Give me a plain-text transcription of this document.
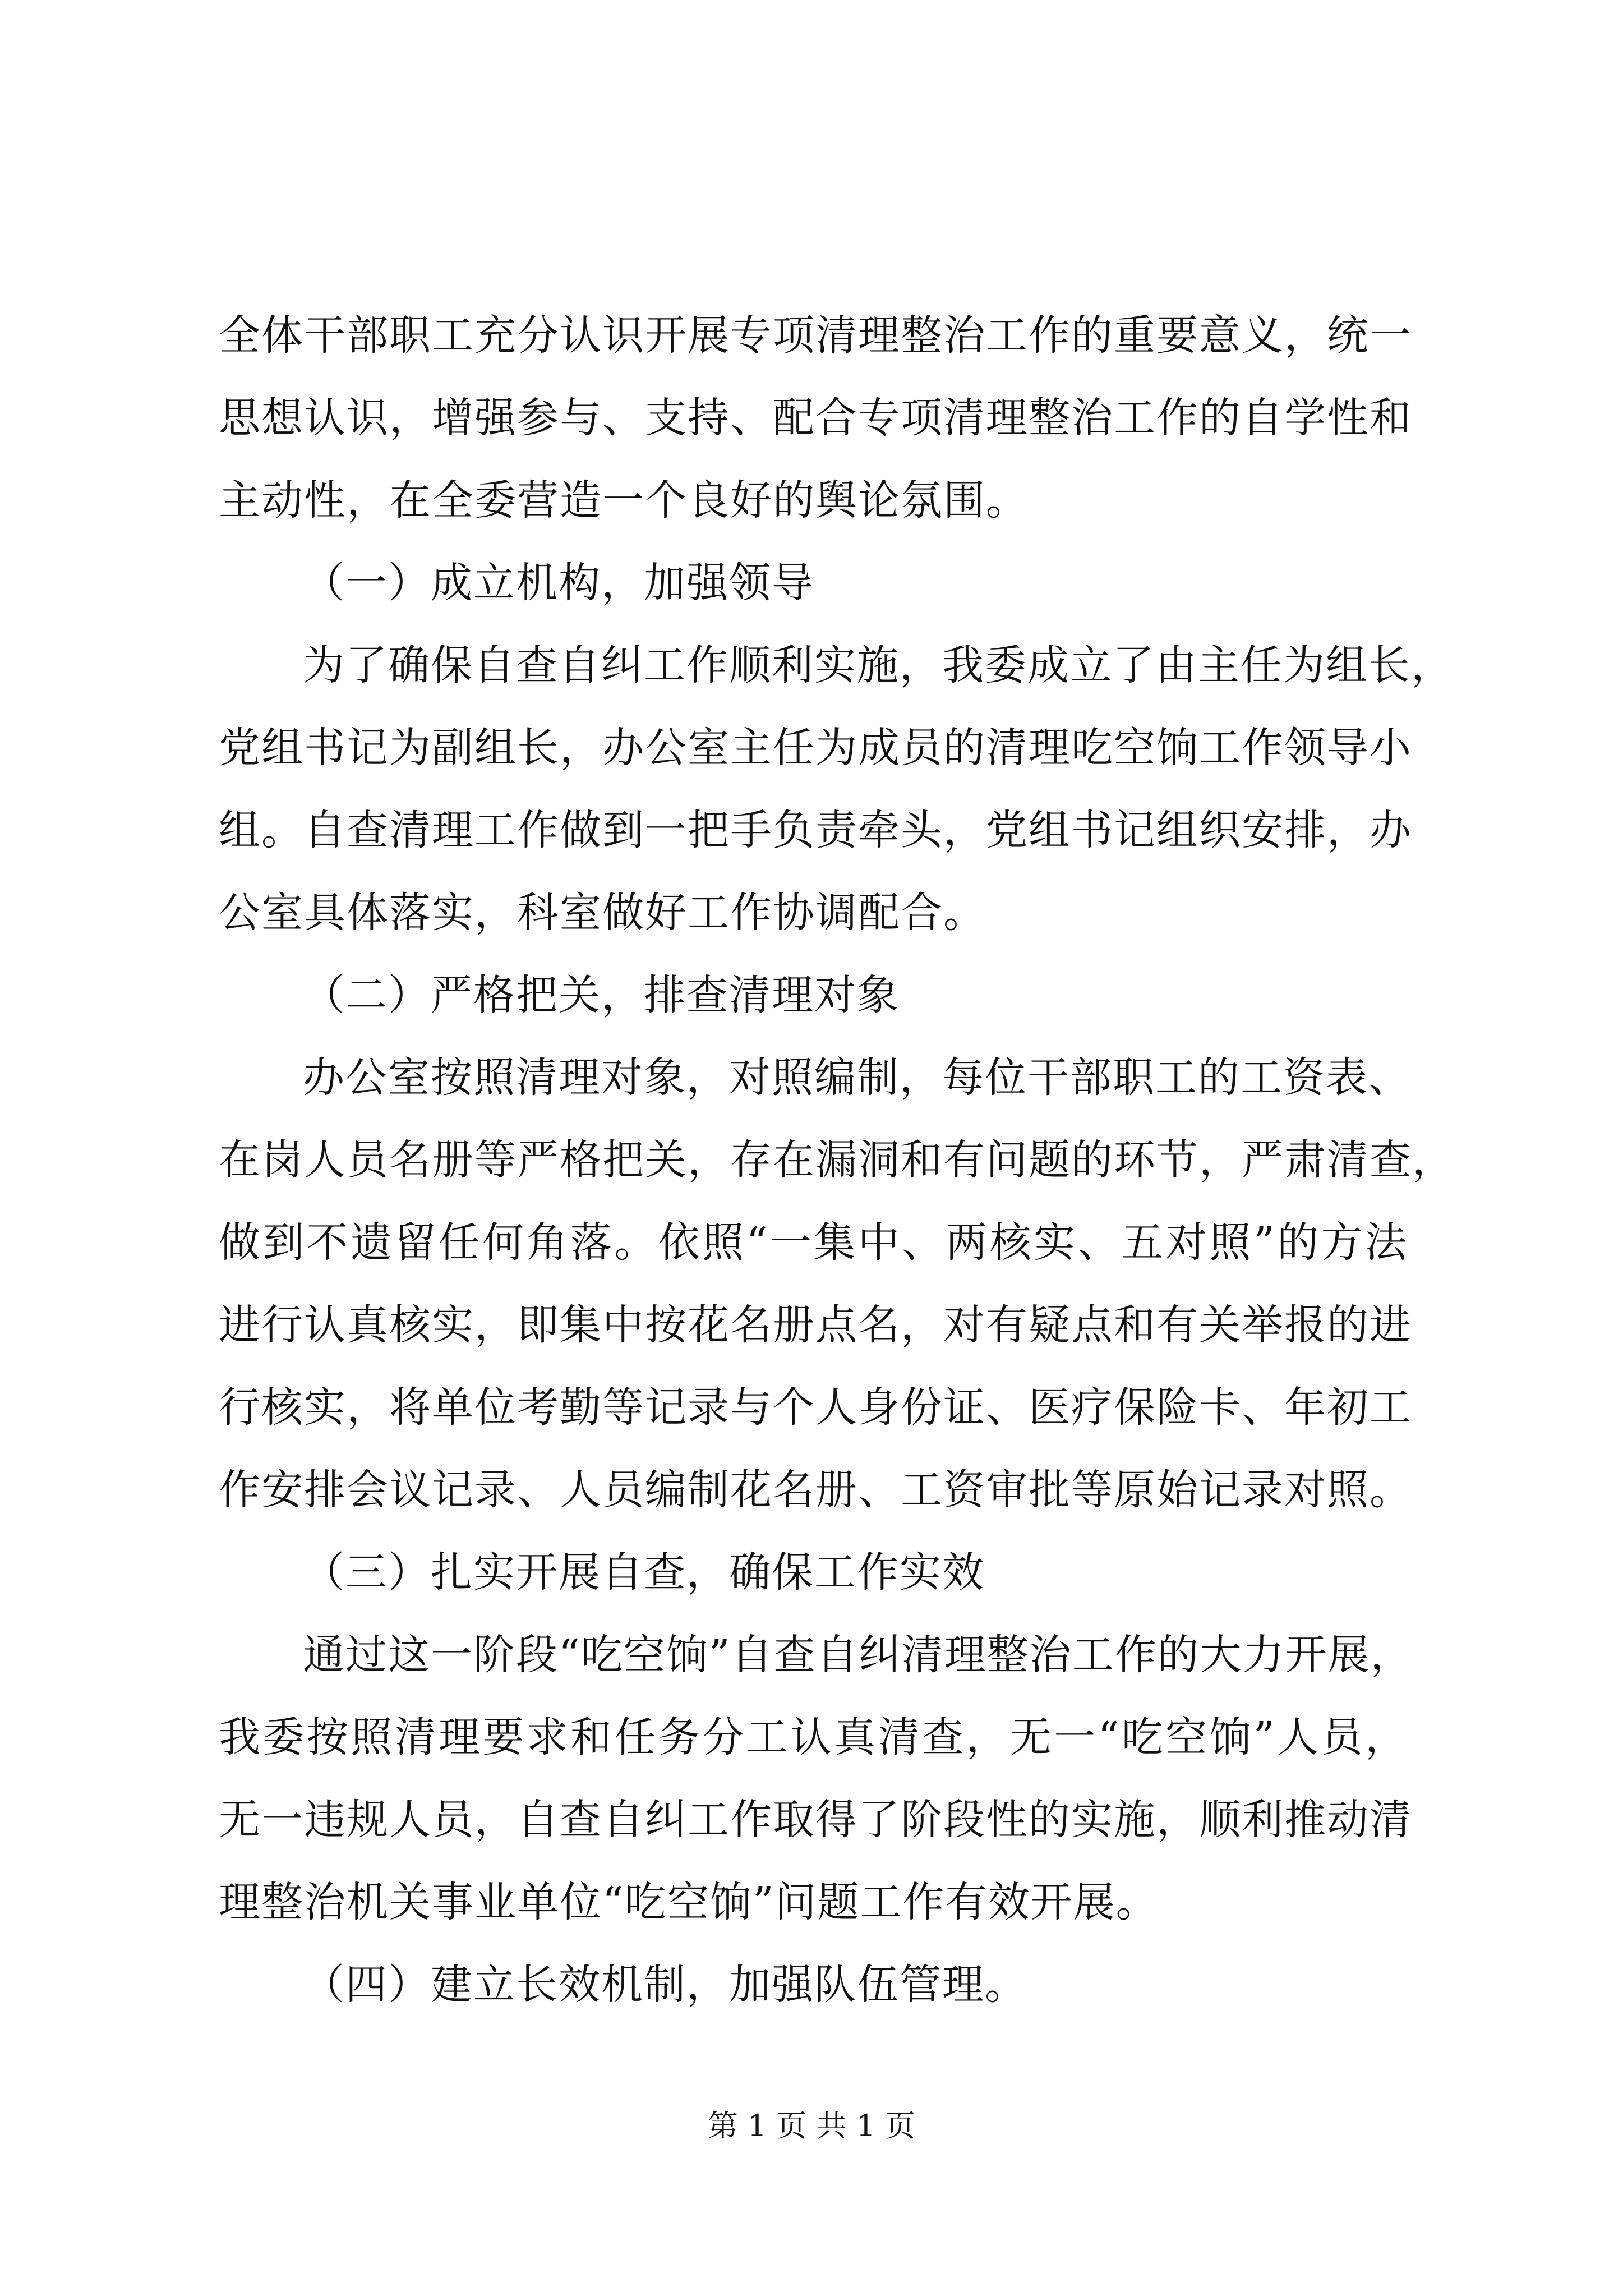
全体干部职工充分认识开展专项清理整治工作的重要意义，统一
思想认识，增强参与、支持、配合专项清理整治工作的自学性和
主动性，在全委营造一个良好的舆论氛围。
（一）成立机构，加强领导
为了确保自查自纠工作顺利实施，我委成立了由主任为组长，
党组书记为副组长，办公室主任为成员的清理吃空饷工作领导小
组。自查清理工作做到一把手负责牵头，党组书记组织安排，办
公室具体落实，科室做好工作协调配合。
（二）严格把关，排查清理对象
办公室按照清理对象，对照编制，每位干部职工的工资表、
在岗人员名册等严格把关，存在漏洞和有问题的环节，严肃清查，
做到不遗留任何角落。依照“一集中、两核实、五对照”的方法
进行认真核实，即集中按花名册点名，对有疑点和有关举报的进
行核实，将单位考勤等记录与个人身份证、医疗保险卡、年初工
作安排会议记录、人员编制花名册、工资审批等原始记录对照。
（三）扎实开展自查，确保工作实效
通过这一阶段“吃空饷”自查自纠清理整治工作的大力开展，
我委按照清理要求和任务分工认真清查，无一“吃空饷”人员，
无一违规人员，自查自纠工作取得了阶段性的实施，顺利推动清
理整治机关事业单位“吃空饷”问题工作有效开展。
（四）建立长效机制，加强队伍管理。
第 1 页 共 1 页
